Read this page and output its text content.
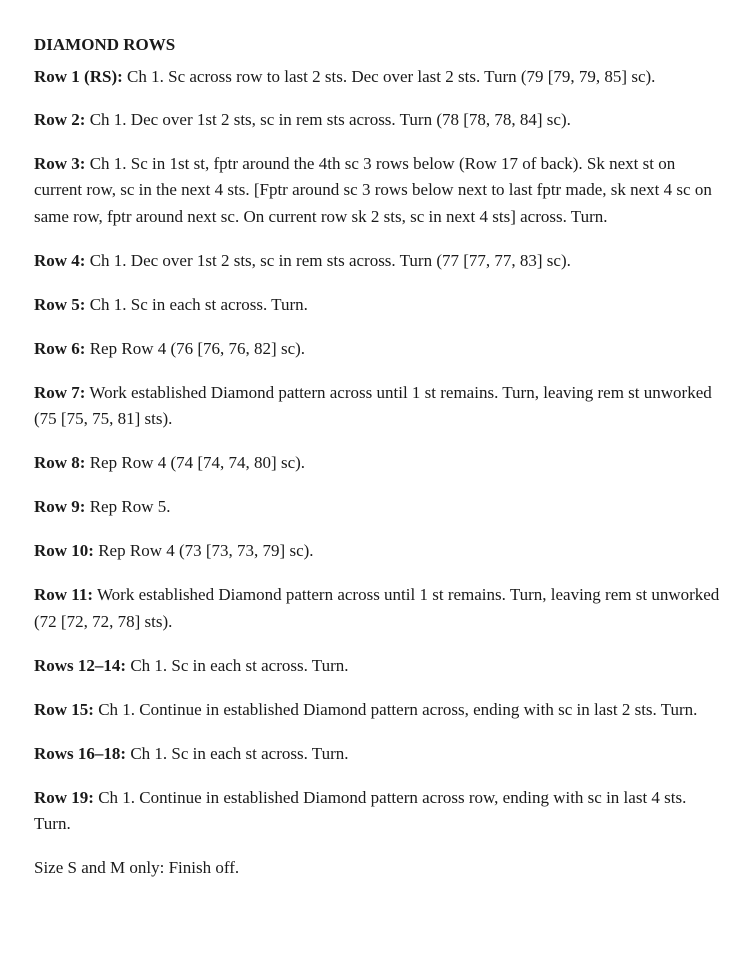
DIAMOND ROWS

Row 1 (RS): Ch 1. Sc across row to last 2 sts. Dec over last 2 sts. Turn (79 [79, 79, 85] sc).

Row 2: Ch 1. Dec over 1st 2 sts, sc in rem sts across. Turn (78 [78, 78, 84] sc).

Row 3: Ch 1. Sc in 1st st, fptr around the 4th sc 3 rows below (Row 17 of back). Sk next st on current row, sc in the next 4 sts. [Fptr around sc 3 rows below next to last fptr made, sk next 4 sc on same row, fptr around next sc. On current row sk 2 sts, sc in next 4 sts] across. Turn.

Row 4: Ch 1. Dec over 1st 2 sts, sc in rem sts across. Turn (77 [77, 77, 83] sc).

Row 5: Ch 1. Sc in each st across. Turn.

Row 6: Rep Row 4 (76 [76, 76, 82] sc).

Row 7: Work established Diamond pattern across until 1 st remains. Turn, leaving rem st unworked (75 [75, 75, 81] sts).

Row 8: Rep Row 4 (74 [74, 74, 80] sc).

Row 9: Rep Row 5.

Row 10: Rep Row 4 (73 [73, 73, 79] sc).

Row 11: Work established Diamond pattern across until 1 st remains. Turn, leaving rem st unworked (72 [72, 72, 78] sts).

Rows 12–14: Ch 1. Sc in each st across. Turn.

Row 15: Ch 1. Continue in established Diamond pattern across, ending with sc in last 2 sts. Turn.

Rows 16–18: Ch 1. Sc in each st across. Turn.

Row 19: Ch 1. Continue in established Diamond pattern across row, ending with sc in last 4 sts. Turn.

Size S and M only: Finish off.
